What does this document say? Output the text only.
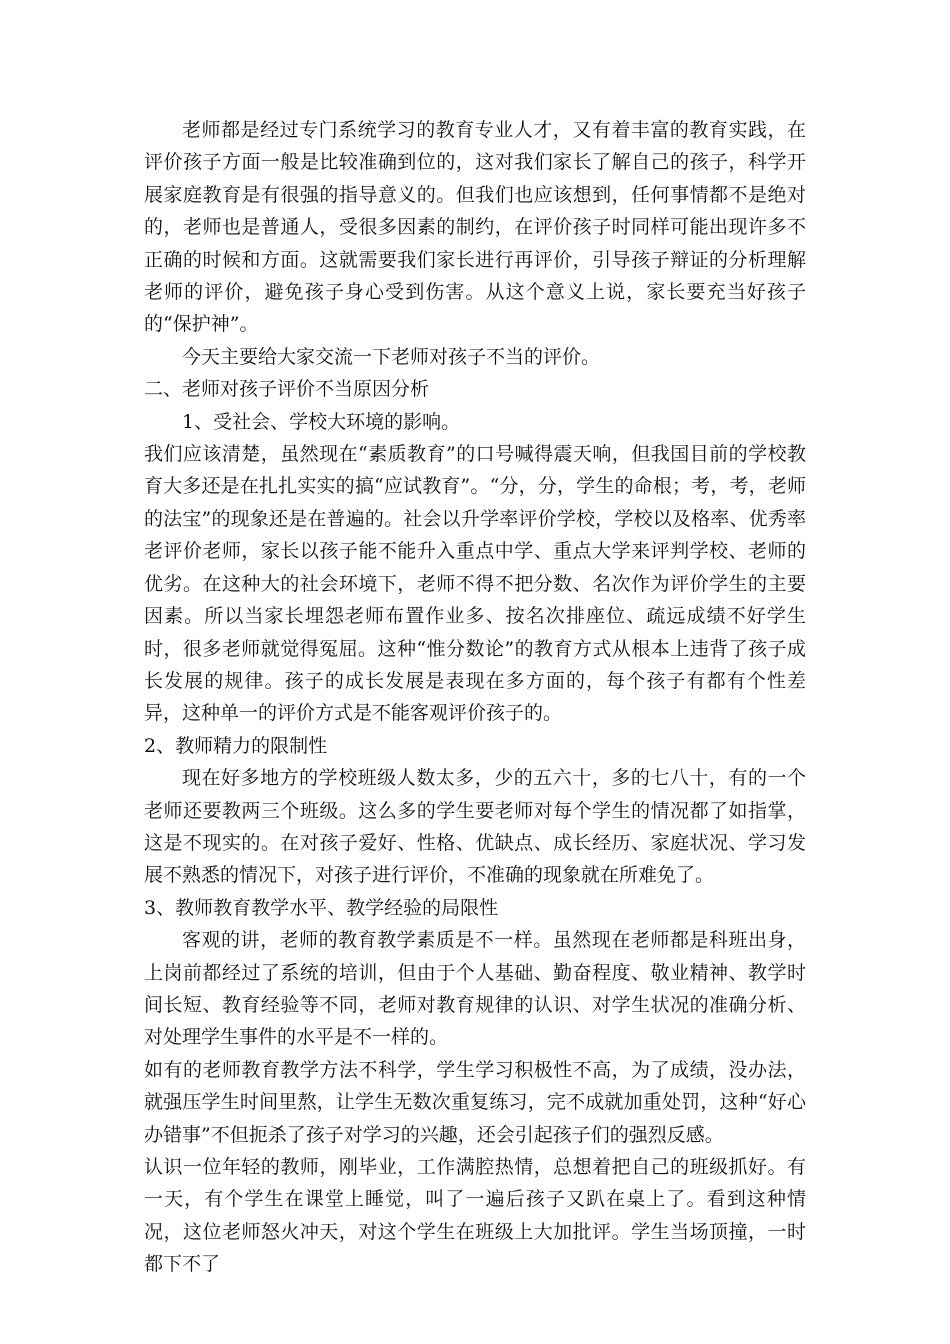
老师都是经过专门系统学习的教育专业人才，又有着丰富的教育实践，在评价孩子方面一般是比较准确到位的，这对我们家长了解自己的孩子，科学开展家庭教育是有很强的指导意义的。但我们也应该想到，任何事情都不是绝对的，老师也是普通人，受很多因素的制约，在评价孩子时同样可能出现许多不正确的时候和方面。这就需要我们家长进行再评价，引导孩子辩证的分析理解老师的评价，避免孩子身心受到伤害。从这个意义上说，家长要充当好孩子的“保护神”。

今天主要给大家交流一下老师对孩子不当的评价。

二、老师对孩子评价不当原因分析

1、受社会、学校大环境的影响。

我们应该清楚，虽然现在“素质教育”的口号喊得震天响，但我国目前的学校教育大多还是在扎扎实实的搞“应试教育”。“分，分，学生的命根；考，考，老师的法宝”的现象还是在普遍的。社会以升学率评价学校，学校以及格率、优秀率老评价老师，家长以孩子能不能升入重点中学、重点大学来评判学校、老师的优劣。在这种大的社会环境下，老师不得不把分数、名次作为评价学生的主要因素。所以当家长埋怨老师布置作业多、按名次排座位、疏远成绩不好学生时，很多老师就觉得冤屈。这种“惟分数论”的教育方式从根本上违背了孩子成长发展的规律。孩子的成长发展是表现在多方面的，每个孩子有都有个性差异，这种单一的评价方式是不能客观评价孩子的。

2、教师精力的限制性

现在好多地方的学校班级人数太多，少的五六十，多的七八十，有的一个老师还要教两三个班级。这么多的学生要老师对每个学生的情况都了如指掌，这是不现实的。在对孩子爱好、性格、优缺点、成长经历、家庭状况、学习发展不熟悉的情况下，对孩子进行评价，不准确的现象就在所难免了。

3、教师教育教学水平、教学经验的局限性

客观的讲，老师的教育教学素质是不一样。虽然现在老师都是科班出身，上岗前都经过了系统的培训，但由于个人基础、勤奋程度、敬业精神、教学时间长短、教育经验等不同，老师对教育规律的认识、对学生状况的准确分析、对处理学生事件的水平是不一样的。

如有的老师教育教学方法不科学，学生学习积极性不高，为了成绩，没办法，就强压学生时间里熬，让学生无数次重复练习，完不成就加重处罚，这种“好心办错事”不但扼杀了孩子对学习的兴趣，还会引起孩子们的强烈反感。

认识一位年轻的教师，刚毕业，工作满腔热情，总想着把自己的班级抓好。有一天，有个学生在课堂上睡觉，叫了一遍后孩子又趴在桌上了。看到这种情况，这位老师怒火冲天，对这个学生在班级上大加批评。学生当场顶撞，一时都下不了
